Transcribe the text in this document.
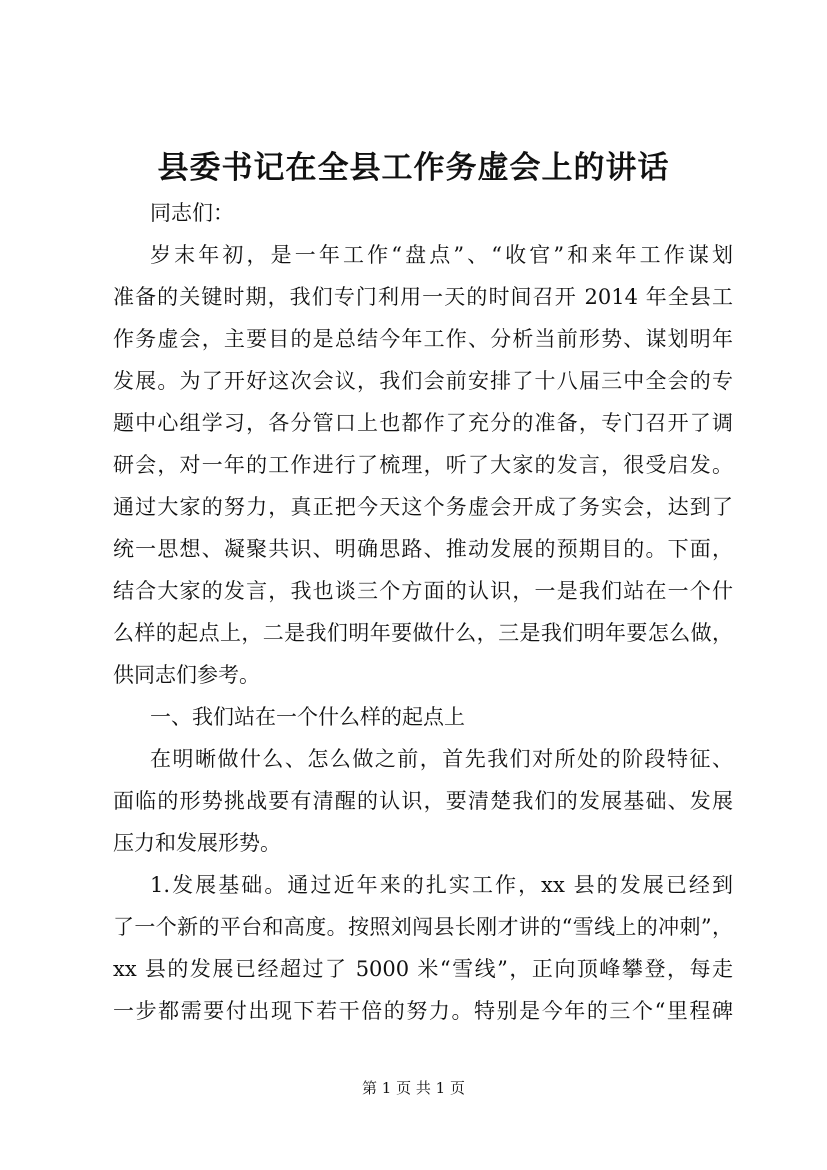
县委书记在全县工作务虚会上的讲话
同志们：
岁末年初，是一年工作“盘点”、“收官”和来年工作谋划
准备的关键时期，我们专门利用一天的时间召开 2014 年全县工
作务虚会，主要目的是总结今年工作、分析当前形势、谋划明年
发展。为了开好这次会议，我们会前安排了十八届三中全会的专
题中心组学习，各分管口上也都作了充分的准备，专门召开了调
研会，对一年的工作进行了梳理，听了大家的发言，很受启发。
通过大家的努力，真正把今天这个务虚会开成了务实会，达到了
统一思想、凝聚共识、明确思路、推动发展的预期目的。下面，
结合大家的发言，我也谈三个方面的认识，一是我们站在一个什
么样的起点上，二是我们明年要做什么，三是我们明年要怎么做，
供同志们参考。
一、我们站在一个什么样的起点上
在明晰做什么、怎么做之前，首先我们对所处的阶段特征、
面临的形势挑战要有清醒的认识，要清楚我们的发展基础、发展
压力和发展形势。
1.发展基础。通过近年来的扎实工作，xx 县的发展已经到
了一个新的平台和高度。按照刘闯县长刚才讲的“雪线上的冲刺”，
xx 县的发展已经超过了 5000 米“雪线”，正向顶峰攀登，每走
一步都需要付出现下若干倍的努力。特别是今年的三个“里程碑
第 1 页 共 1 页
